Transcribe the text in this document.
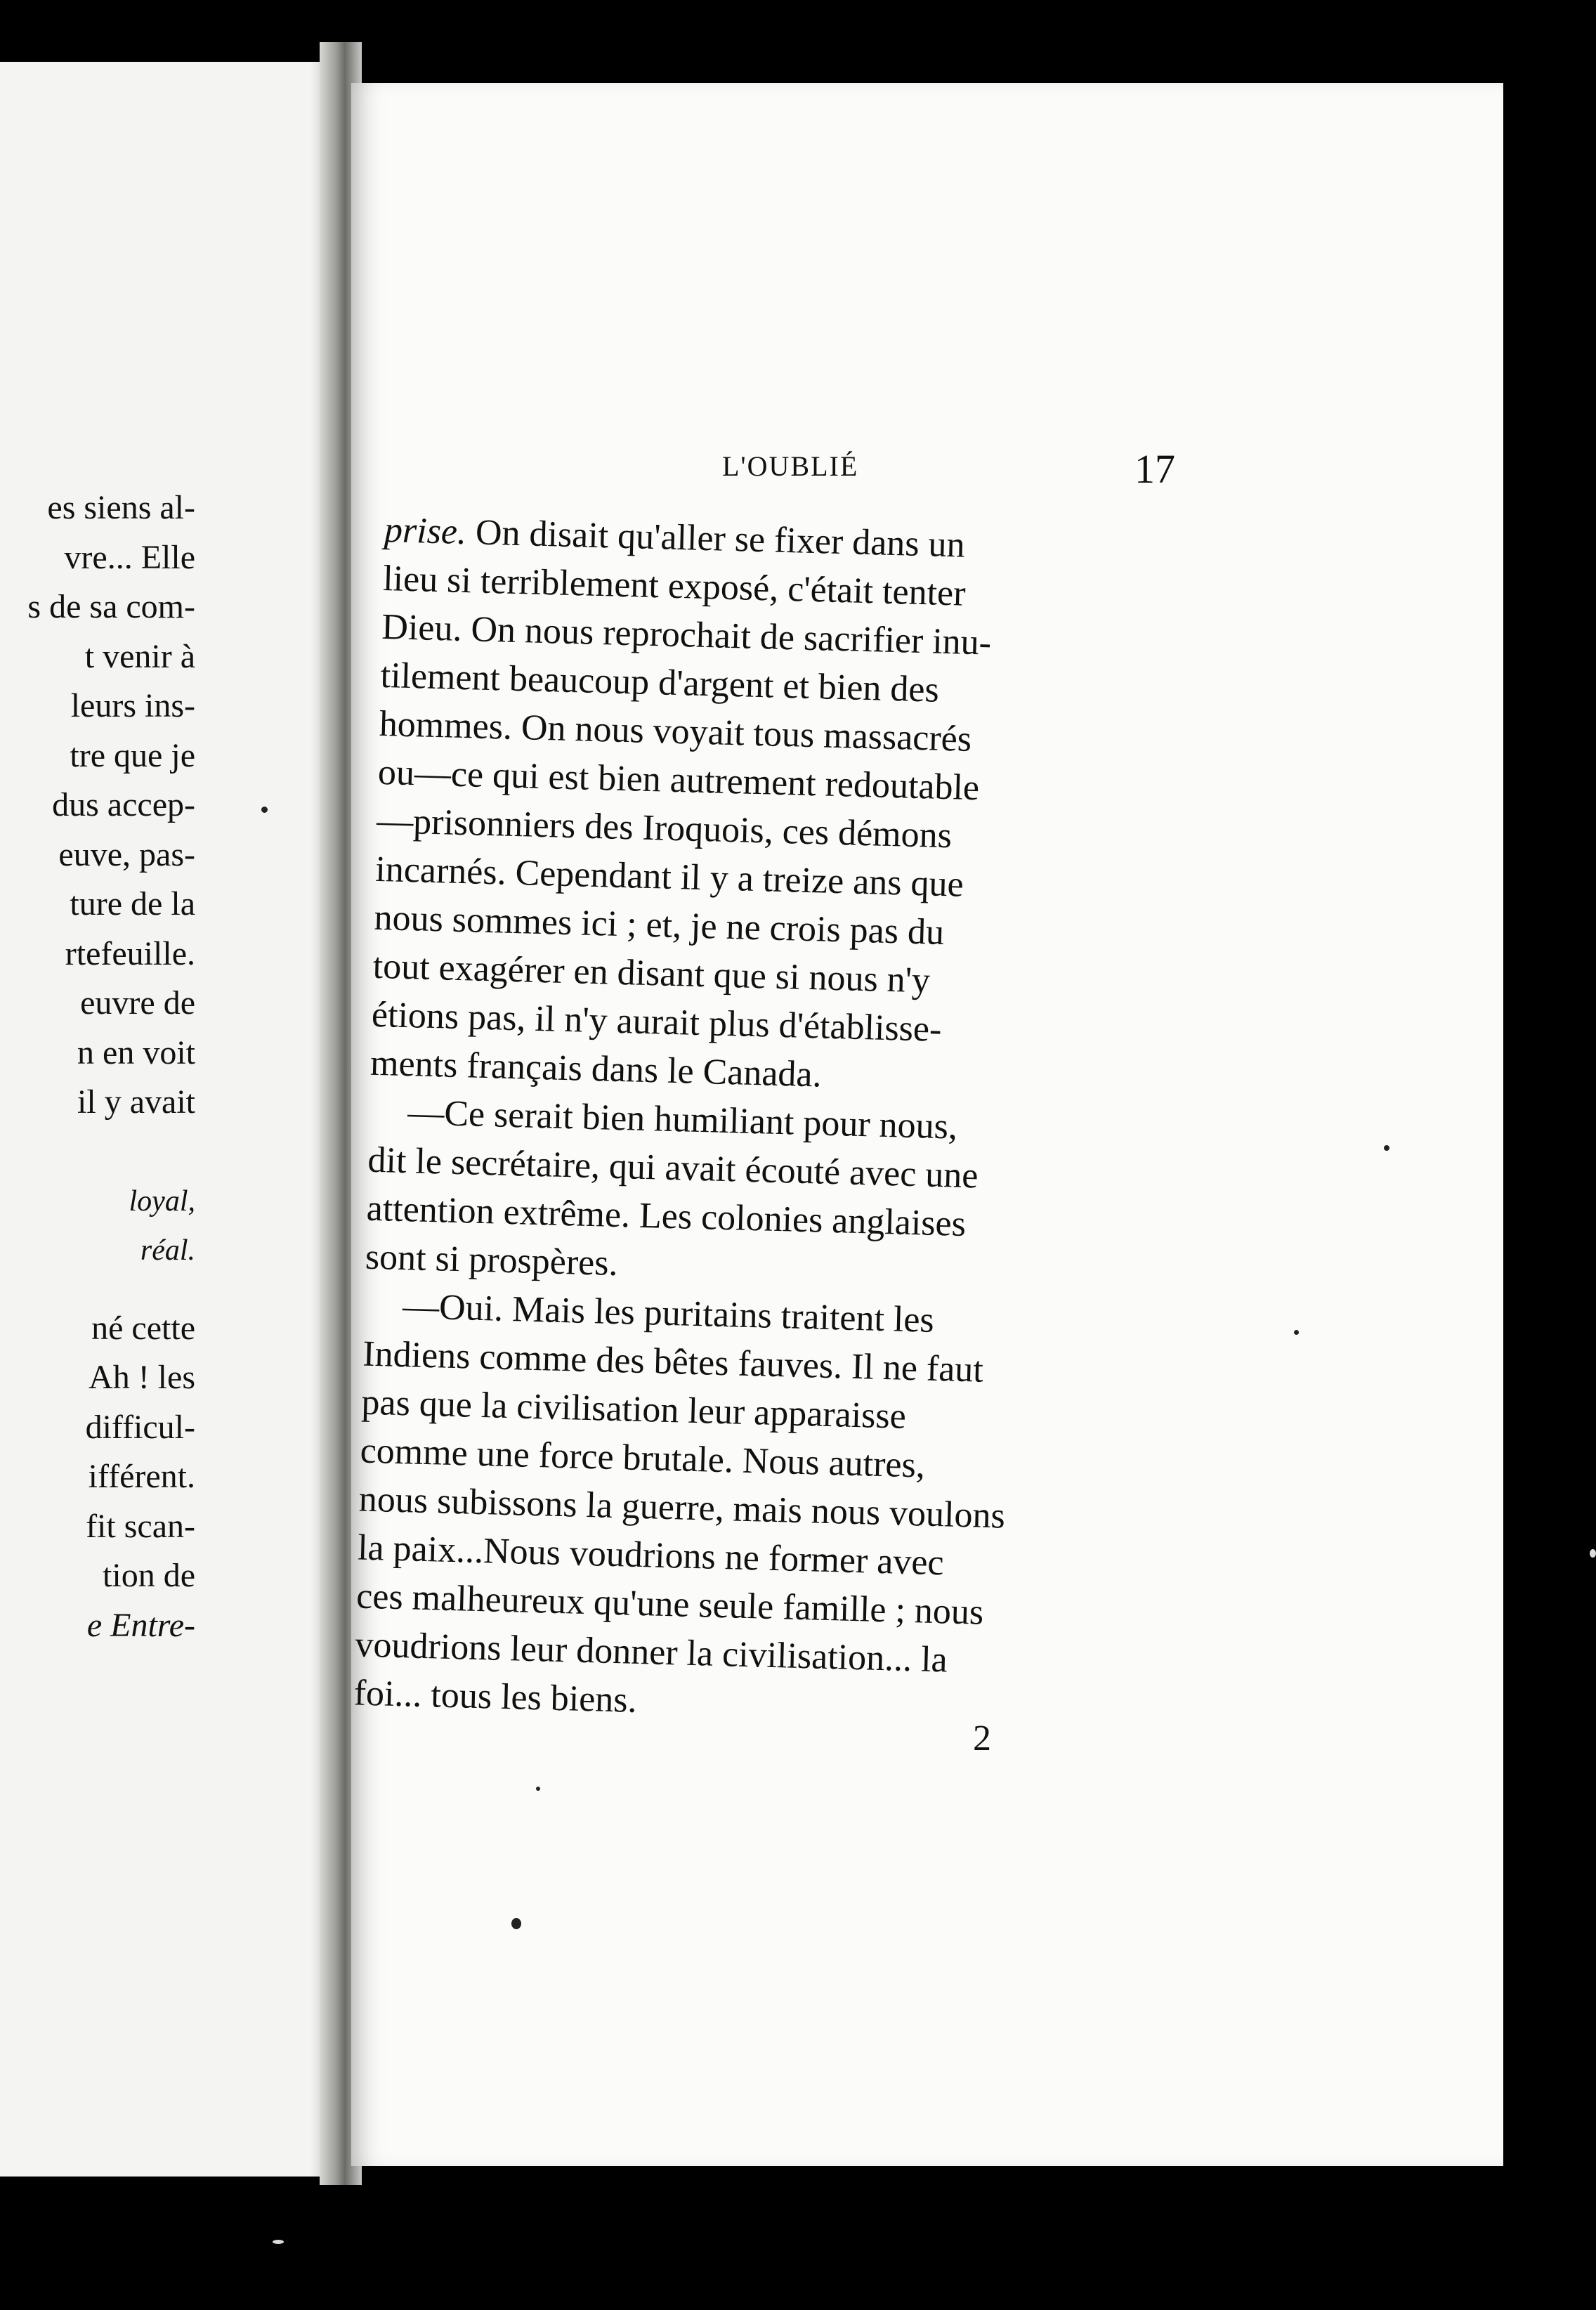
es siens al-
vre... Elle
s de sa com-
t venir à
leurs ins-
tre que je
dus accep-
euve, pas-
ture de la
rtefeuille.
euvre de
n en voit
il y avait
loyal,
réal.
né cette
Ah ! les
difficul-
ifférent.
fit scan-
tion de
e Entre-
L'OUBLIÉ	17

prise. On disait qu'aller se fixer dans un
lieu si terriblement exposé, c'était tenter
Dieu. On nous reprochait de sacrifier inu-
tilement beaucoup d'argent et bien des
hommes. On nous voyait tous massacrés
ou—ce qui est bien autrement redoutable
—prisonniers des Iroquois, ces démons
incarnés. Cependant il y a treize ans que
nous sommes ici ; et, je ne crois pas du
tout exagérer en disant que si nous n'y
étions pas, il n'y aurait plus d'établisse-
ments français dans le Canada.

—Ce serait bien humiliant pour nous,
dit le secrétaire, qui avait écouté avec une
attention extrême. Les colonies anglaises
sont si prospères.

—Oui. Mais les puritains traitent les
Indiens comme des bêtes fauves. Il ne faut
pas que la civilisation leur apparaisse
comme une force brutale. Nous autres,
nous subissons la guerre, mais nous voulons
la paix...Nous voudrions ne former avec
ces malheureux qu'une seule famille ; nous
voudrions leur donner la civilisation... la
foi... tous les biens.

2
